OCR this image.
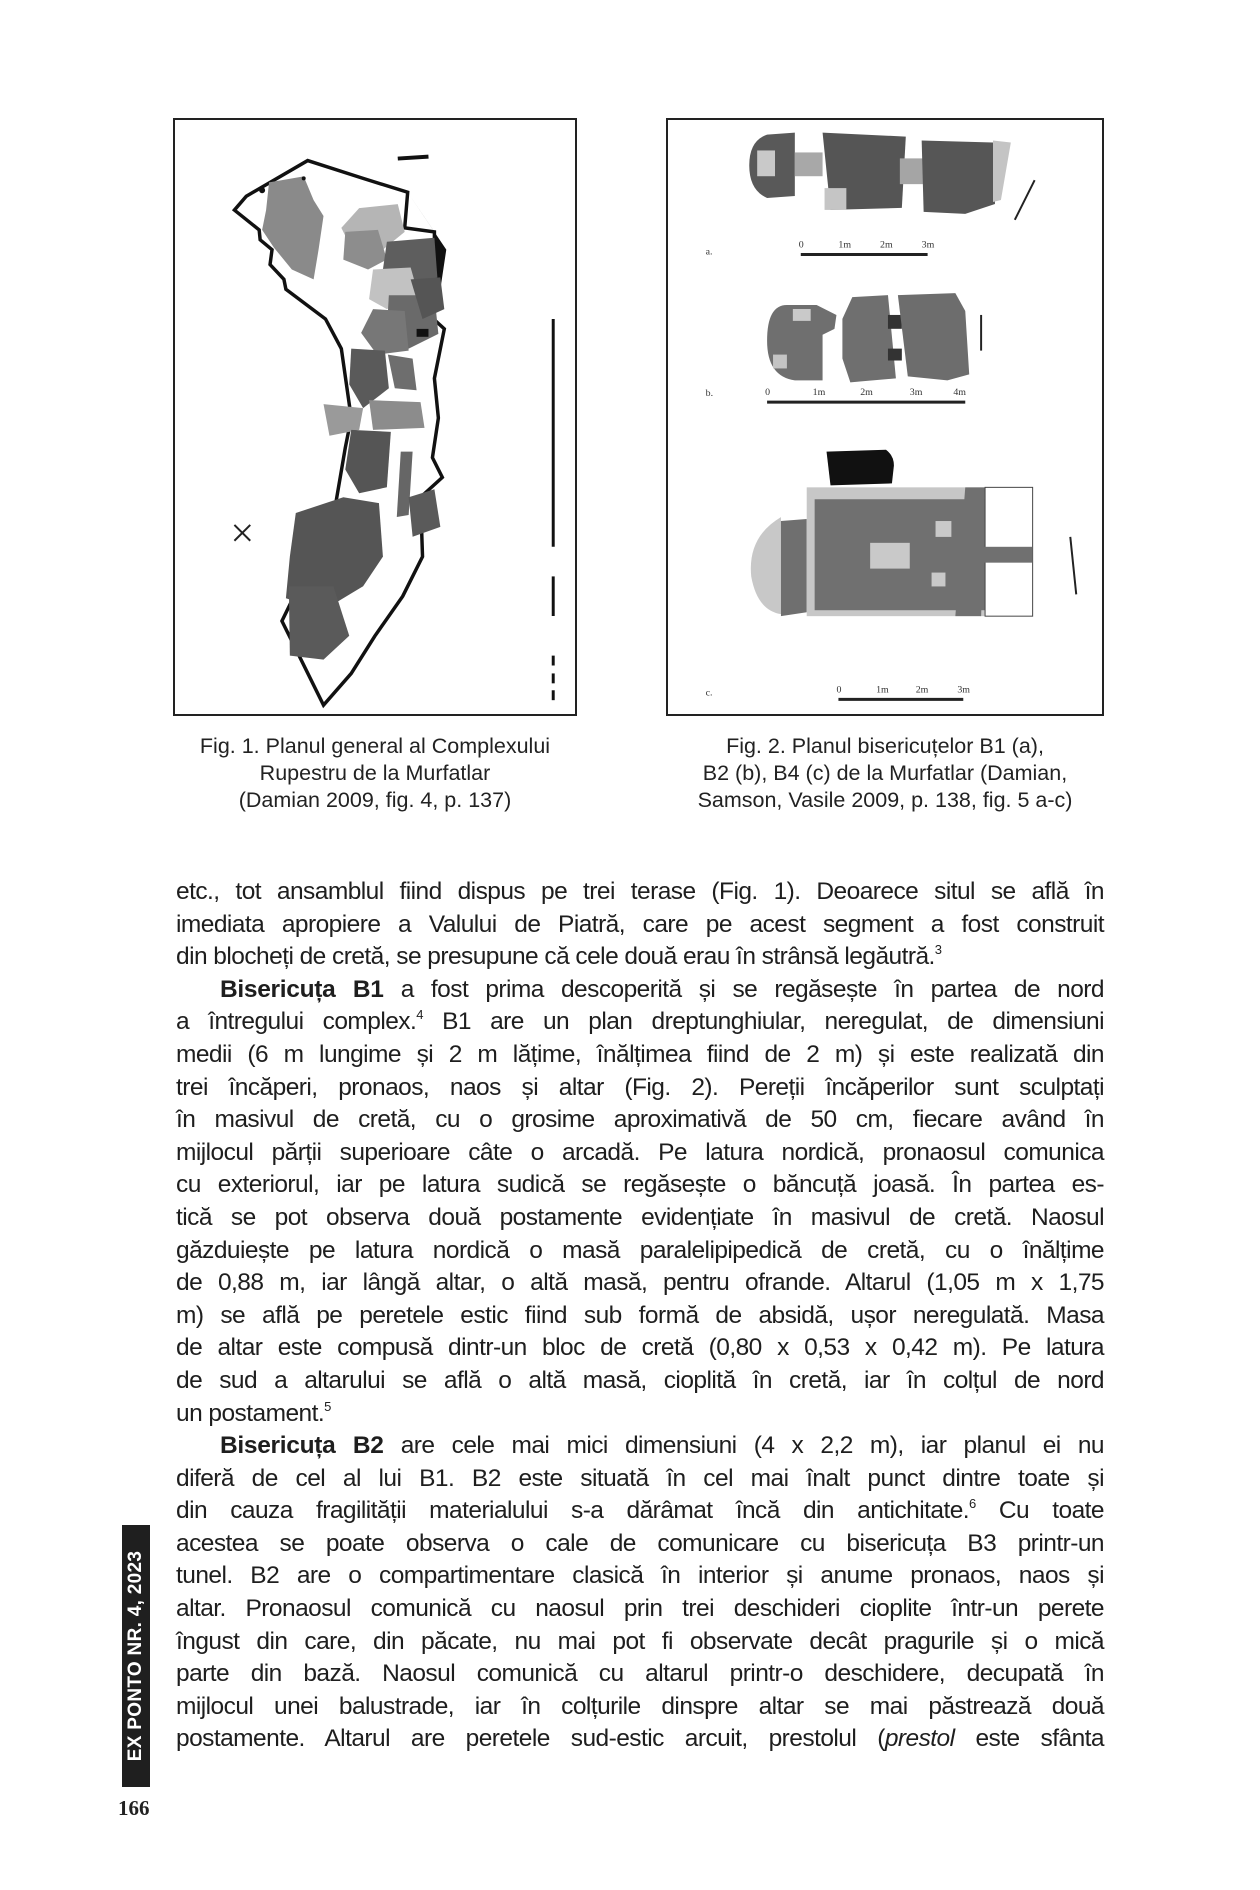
a.
0	1m	2m	3m
b.	0	1m	2m	3m	4m
c.	0	1m	2m	3m
Fig. 1. Planul general al Complexului
Rupestru de la Murfatlar
(Damian 2009, fig. 4, p. 137)
Fig. 2. Planul bisericuțelor B1 (a),
B2 (b), B4 (c) de la Murfatlar (Damian,
Samson, Vasile 2009, p. 138, fig. 5 a-c)
etc., tot ansamblul fiind dispus pe trei terase (Fig. 1). Deoarece situl se află în
imediata apropiere a Valului de Piatră, care pe acest segment a fost construit
din blocheți de cretă, se presupune că cele două erau în strânsă legăutră.$^3$
Bisericuța B1 a fost prima descoperită și se regăsește în partea de nord
a întregului complex.$^4$ B1 are un plan dreptunghiular, neregulat, de dimensiuni
medii (6 m lungime și 2 m lățime, înălțimea fiind de 2 m) și este realizată din
trei încăperi, pronaos, naos și altar (Fig. 2). Pereții încăperilor sunt sculptați
în masivul de cretă, cu o grosime aproximativă de 50 cm, fiecare având în
mijlocul părții superioare câte o arcadă. Pe latura nordică, pronaosul comunica
cu exteriorul, iar pe latura sudică se regăsește o băncuță joasă. În partea es-
tică se pot observa două postamente evidențiate în masivul de cretă. Naosul
găzduiește pe latura nordică o masă paralelipipedică de cretă, cu o înălțime
de 0,88 m, iar lângă altar, o altă masă, pentru ofrande. Altarul (1,05 m x 1,75
m) se află pe peretele estic fiind sub formă de absidă, ușor neregulată. Masa
de altar este compusă dintr-un bloc de cretă (0,80 x 0,53 x 0,42 m). Pe latura
de sud a altarului se află o altă masă, cioplită în cretă, iar în colțul de nord
un postament.$^5$
Bisericuța B2 are cele mai mici dimensiuni (4 x 2,2 m), iar planul ei nu
diferă de cel al lui B1. B2 este situată în cel mai înalt punct dintre toate și
din cauza fragilității materialului s-a dărâmat încă din antichitate.$^6$ Cu toate
acestea se poate observa o cale de comunicare cu bisericuța B3 printr-un
tunel. B2 are o compartimentare clasică în interior și anume pronaos, naos și
altar. Pronaosul comunică cu naosul prin trei deschideri cioplite într-un perete
îngust din care, din păcate, nu mai pot fi observate decât pragurile și o mică
parte din bază. Naosul comunică cu altarul printr-o deschidere, decupată în
mijlocul unei balustrade, iar în colțurile dinspre altar se mai păstrează două
postamente. Altarul are peretele sud-estic arcuit, prestolul (prestol este sfânta
EX PONTO NR. 4, 2023
166
